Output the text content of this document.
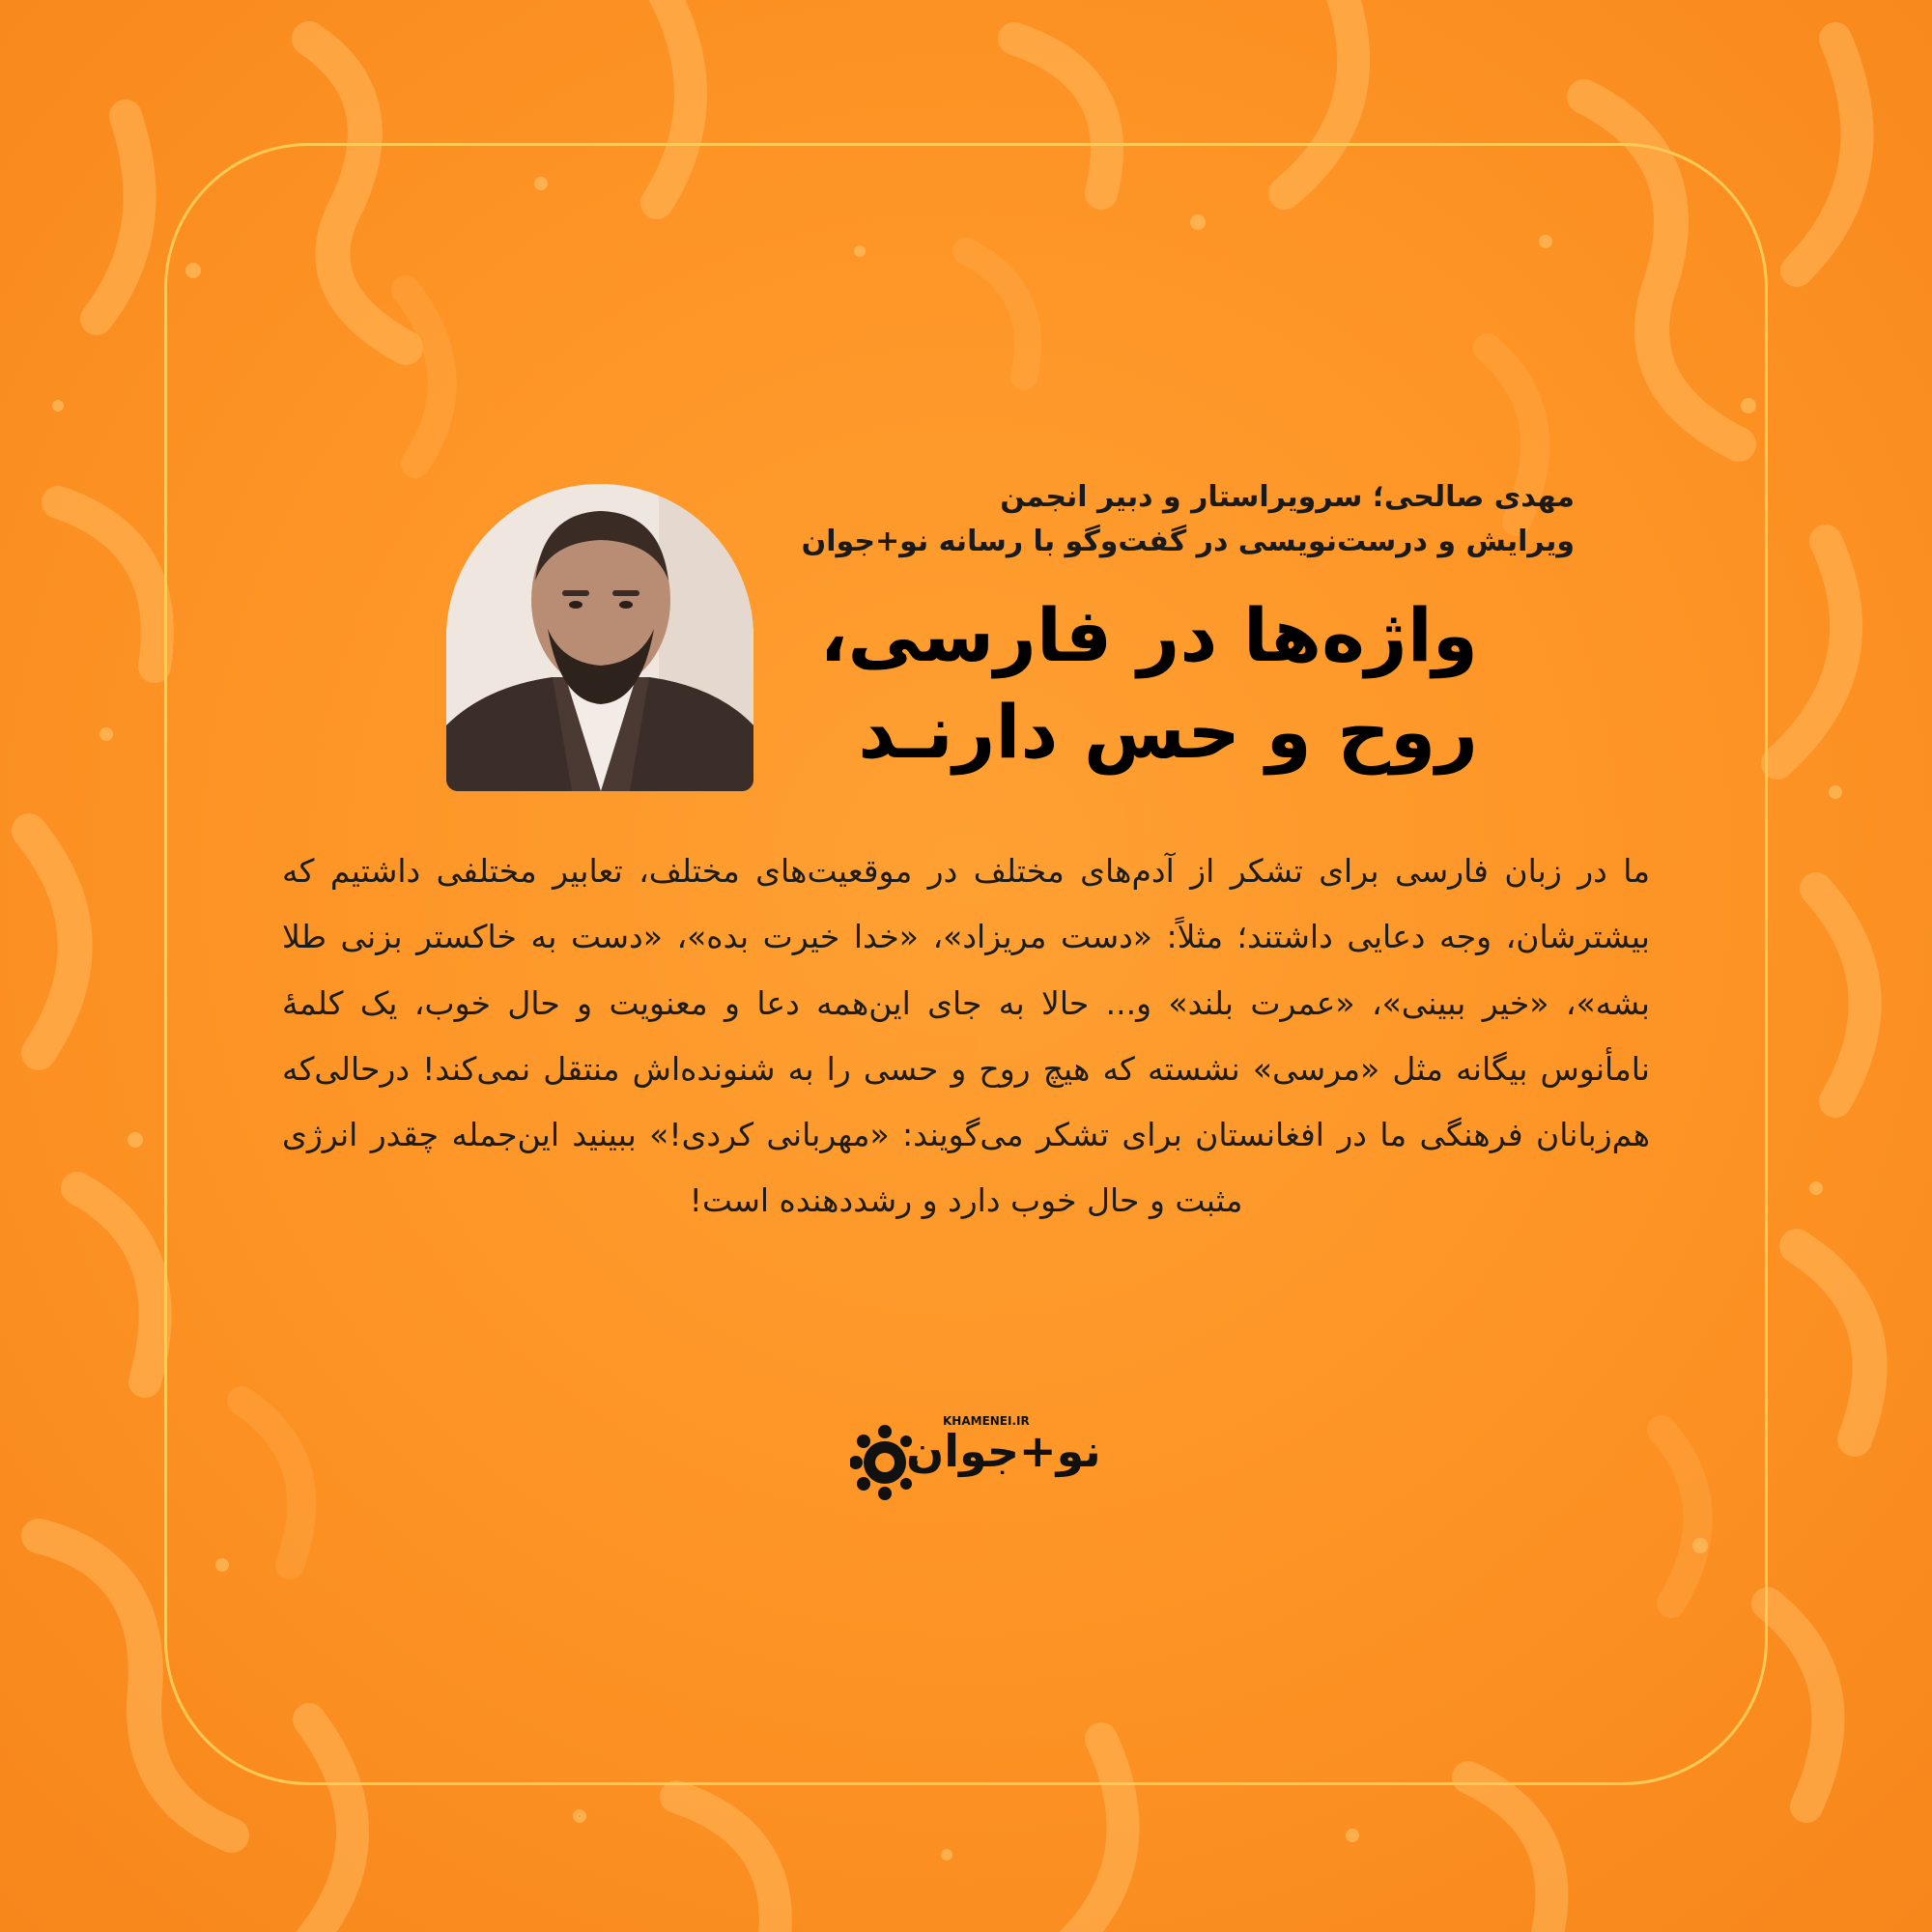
مهدی صالحی؛ سرویراستار و دبیر انجمن
ویرایش و درست‌نویسی در گفت‌وگو با رسانه نو+جوان
واژه‌ها در فارسی،
روح و حس دارنـد
ما در زبان فارسی برای تشکر از آدم‌های مختلف در موقعیت‌های مختلف، تعابیر مختلفی داشتیم که بیشترشان، وجه دعایی داشتند؛ مثلاً: «دست مریزاد»، «خدا خیرت بده»، «دست به خاکستر بزنی طلا بشه»، «خیر ببینی»، «عمرت بلند» و... حالا به جای این‌همه دعا و معنویت و حال خوب، یک کلمهٔ نامأنوس بیگانه مثل «مرسی» نشسته که هیچ روح و حسی را به شنونده‌اش منتقل نمی‌کند! درحالی‌که هم‌زبانان فرهنگی ما در افغانستان برای تشکر می‌گویند: «مهربانی کردی!» ببینید این‌جمله چقدر انرژی مثبت و حال خوب دارد و رشددهنده است!
KHAMENEI.IR
نو+جوان
